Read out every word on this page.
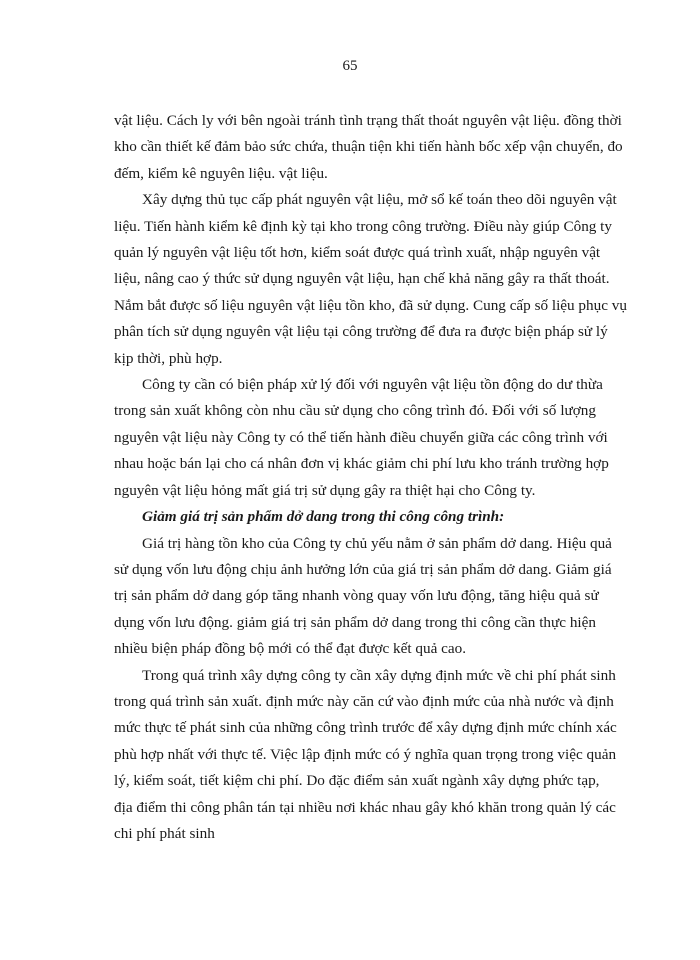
65
vật liệu. Cách ly với bên ngoài tránh tình trạng thất thoát nguyên vật liệu. đồng thời
kho cần thiết kế đảm bảo sức chứa, thuận tiện khi tiến hành bốc xếp vận chuyển, đo
đếm, kiểm kê nguyên liệu. vật liệu.
Xây dựng thủ tục cấp phát nguyên vật liệu, mở sổ kế toán theo dõi nguyên vật
liệu. Tiến hành kiểm kê định kỳ tại kho trong công trường. Điều này giúp Công ty
quản lý nguyên vật liệu tốt hơn, kiểm soát được quá trình xuất, nhập nguyên vật
liệu, nâng cao ý thức sử dụng nguyên vật liệu, hạn chế khả năng gây ra thất thoát.
Nắm bắt được số liệu nguyên vật liệu tồn kho, đã sử dụng. Cung cấp số liệu phục vụ
phân tích sử dụng nguyên vật liệu tại công trường để đưa ra được biện pháp sử lý
kịp thời, phù hợp.
Công ty cần có biện pháp xử lý đối với nguyên vật liệu tồn động do dư thừa
trong sản xuất không còn nhu cầu sử dụng cho công trình đó. Đối với số lượng
nguyên vật liệu này Công ty có thể tiến hành điều chuyển giữa các công trình với
nhau hoặc bán lại cho cá nhân đơn vị khác giảm chi phí lưu kho tránh trường hợp
nguyên vật liệu hỏng mất giá trị sử dụng gây ra thiệt hại cho Công ty.
Giảm giá trị sản phẩm dở dang trong thi công công trình:
Giá trị hàng tồn kho của Công ty chủ yếu nằm ở sản phẩm dở dang. Hiệu quả
sử dụng vốn lưu động chịu ảnh hưởng lớn của giá trị sản phẩm dở dang. Giảm giá
trị sản phẩm dở dang góp tăng nhanh vòng quay vốn lưu động, tăng hiệu quả sử
dụng vốn lưu động. giảm giá trị sản phẩm dở dang trong thi công cần thực hiện
nhiều biện pháp đồng bộ mới có thể đạt được kết quả cao.
Trong quá trình xây dựng công ty cần xây dựng định mức về chi phí phát sinh
trong quá trình sản xuất. định mức này căn cứ vào định mức của nhà nước và định
mức thực tế phát sinh của những công trình trước để xây dựng định mức chính xác
phù hợp nhất với thực tế. Việc lập định mức có ý nghĩa quan trọng trong việc quản
lý, kiểm soát, tiết kiệm chi phí. Do đặc điểm sản xuất ngành xây dựng phức tạp,
địa điểm thi công phân tán tại nhiều nơi khác nhau gây khó khăn trong quản lý các
chi phí phát sinh
